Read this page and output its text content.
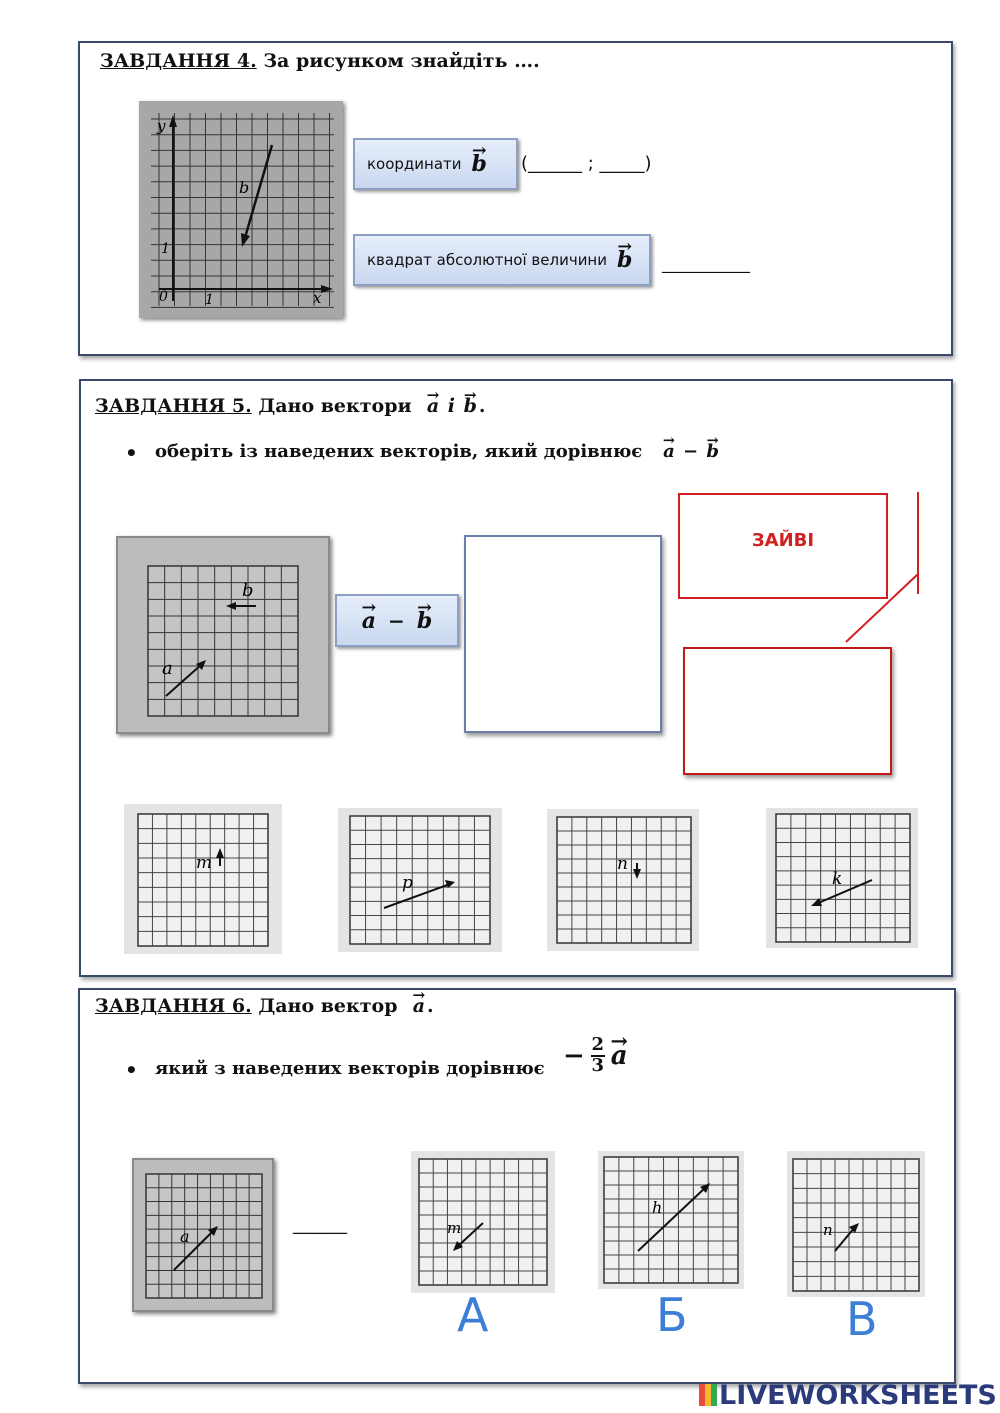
ЗАВДАННЯ 4. За рисунком знайдіть ….
y
x
0	1
1
b
координати b → (______ ; _____)
квадрат абсолютної величини b → ___________
ЗАВДАННЯ 5. Дано вектори a → і b → .
• оберіть із наведених векторів, який дорівнює a → − b →
b
a
a → − b →
ЗАЙВІ
m
p
n
k
ЗАВДАННЯ 6. Дано вектор a → .
• який з наведених векторів дорівнює − 2
3 a →
a
______	m
h
n
А	Б	В
LIVEWORKSHEETS
